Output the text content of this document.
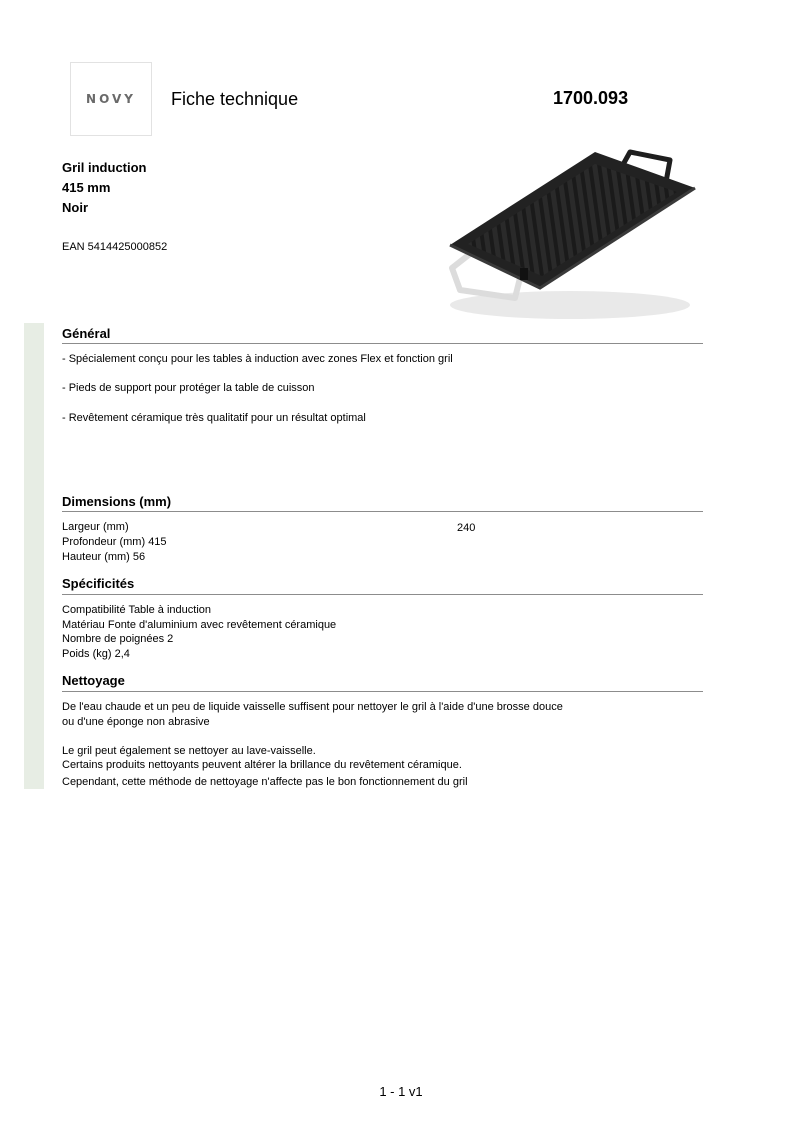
NOVY Fiche technique	1700.093
Gril induction
415 mm
Noir
EAN 5414425000852
Général
- Spécialement conçu pour les tables à induction avec zones Flex et fonction gril
- Pieds de support pour protéger la table de cuisson
- Revêtement céramique très qualitatif pour un résultat optimal
Dimensions (mm)
Largeur (mm)	240
Profondeur (mm) 415
Hauteur (mm) 56
Spécificités
Compatibilité Table à induction
Matériau Fonte d'aluminium avec revêtement céramique
Nombre de poignées 2
Poids (kg) 2,4
Nettoyage
De l'eau chaude et un peu de liquide vaisselle suffisent pour nettoyer le gril à l'aide d'une brosse douce
ou d'une éponge non abrasive
Le gril peut également se nettoyer au lave-vaisselle.
Certains produits nettoyants peuvent altérer la brillance du revêtement céramique.
Cependant, cette méthode de nettoyage n'affecte pas le bon fonctionnement du gril
1 - 1 v1
